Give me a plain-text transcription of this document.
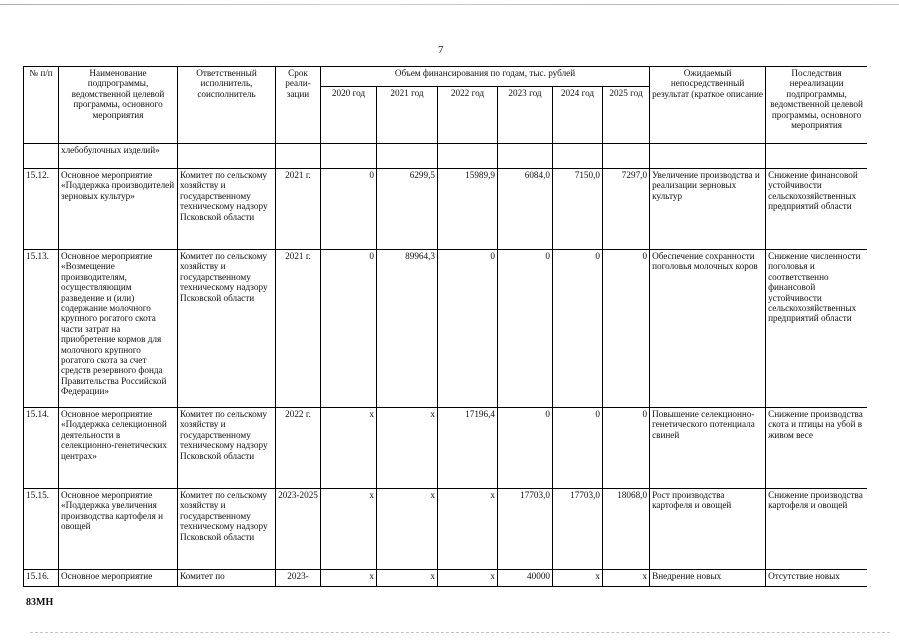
7
№ п/п	Наименование подпрограммы, ведомственной целевой программы, основного мероприятия	Ответственный исполнитель, соисполнитель	Срок реали-зации	Объем финансирования по годам, тыс. рублей						Ожидаемый непосредственный результат (краткое описание	Последствия нереализации подпрограммы, ведомственной целевой программы, основного мероприятия
				2020 год	2021 год	2022 год	2023 год	2024 год	2025 год		
	хлебобулочных изделий»										
15.12.	Основное мероприятие «Поддержка производителей зерновых культур»	Комитет по сельскому хозяйству и государственному техническому надзору Псковской области	2021 г.	0	6299,5	15989,9	6084,0	7150,0	7297,0	Увеличение производства и реализации зерновых культур	Снижение финансовой устойчивости сельскохозяйственных предприятий области
15.13.	Основное мероприятие «Возмещение производителям, осуществляющим разведение и (или) содержание молочного крупного рогатого скота части затрат на приобретение кормов для молочного крупного рогатого скота за счет средств резервного фонда Правительства Российской Федерации»	Комитет по сельскому хозяйству и государственному техническому надзору Псковской области	2021 г.	0	89964,3	0	0	0	0	Обеспечение сохранности поголовья молочных коров	Снижение численности поголовья и соответственно финансовой устойчивости сельскохозяйственных предприятий области
15.14.	Основное мероприятие «Поддержка селекционной деятельности в селекционно-генетических центрах»	Комитет по сельскому хозяйству и государственному техническому надзору Псковской области	2022 г.	x	x	17196,4	0	0	0	Повышение селекционно-генетического потенциала свиней	Снижение производства скота и птицы на убой в живом весе
15.15.	Основное мероприятие «Поддержка увеличения производства картофеля и овощей	Комитет по сельскому хозяйству и государственному техническому надзору Псковской области	2023-2025	x	x	x	17703,0	17703,0	18068,0	Рост производства картофеля и овощей	Снижение производства картофеля и овощей
15.16.	Основное мероприятие	Комитет по	2023-	x	x	x	40000	x	x	Внедрение новых	Отсутствие новых
83МН
